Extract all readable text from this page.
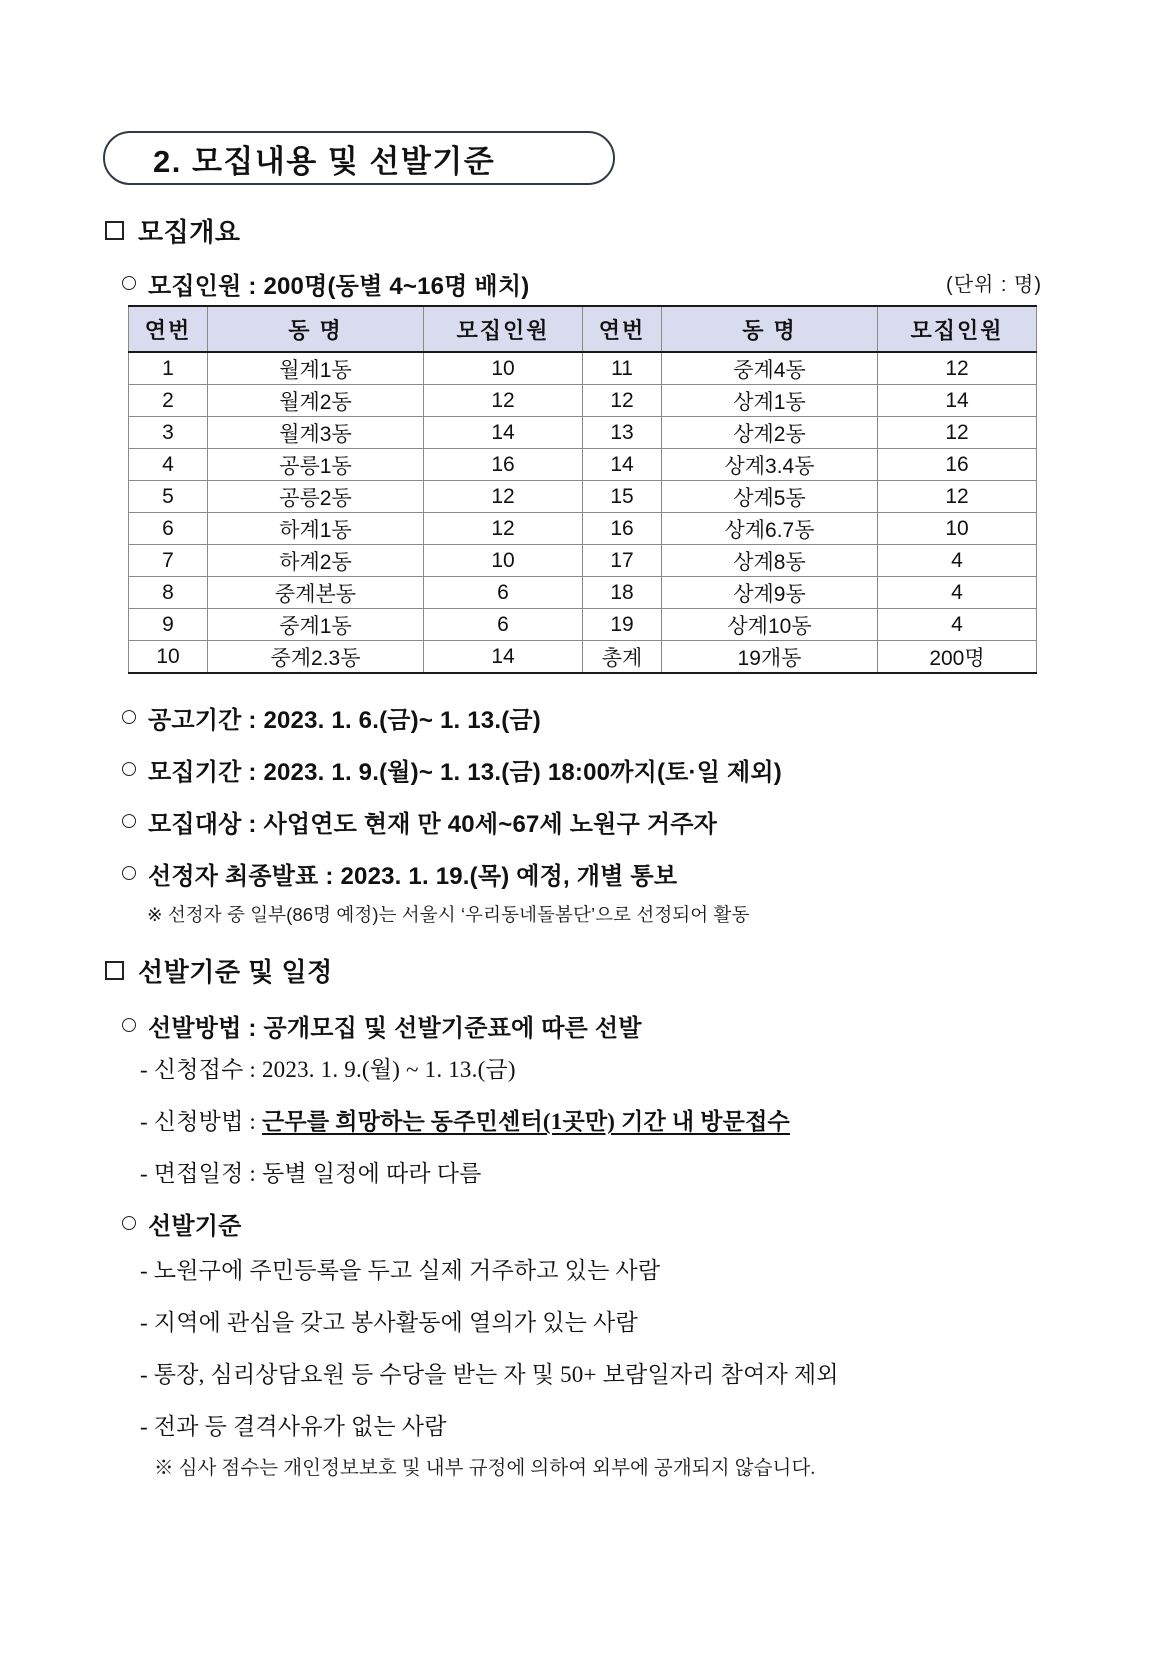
2. 모집내용 및 선발기준
모집개요
모집인원 : 200명(동별 4~16명 배치)	(단위 : 명)
연번	동 명	모집인원	연번	동 명	모집인원
1	월계1동	10	11	중계4동	12
2	월계2동	12	12	상계1동	14
3	월계3동	14	13	상계2동	12
4	공릉1동	16	14	상계3.4동	16
5	공릉2동	12	15	상계5동	12
6	하계1동	12	16	상계6.7동	10
7	하계2동	10	17	상계8동	4
8	중계본동	6	18	상계9동	4
9	중계1동	6	19	상계10동	4
10	중계2.3동	14	총계	19개동	200명
공고기간 : 2023. 1. 6.(금)~ 1. 13.(금)
모집기간 : 2023. 1. 9.(월)~ 1. 13.(금) 18:00까지(토·일 제외)
모집대상 : 사업연도 현재 만 40세~67세 노원구 거주자
선정자 최종발표 : 2023. 1. 19.(목) 예정, 개별 통보
※ 선정자 중 일부(86명 예정)는 서울시 ‘우리동네돌봄단’으로 선정되어 활동
선발기준 및 일정
선발방법 : 공개모집 및 선발기준표에 따른 선발
- 신청접수 : 2023. 1. 9.(월) ~ 1. 13.(금)
- 신청방법 : 근무를 희망하는 동주민센터(1곳만) 기간 내 방문접수
- 면접일정 : 동별 일정에 따라 다름
선발기준
- 노원구에 주민등록을 두고 실제 거주하고 있는 사람
- 지역에 관심을 갖고 봉사활동에 열의가 있는 사람
- 통장, 심리상담요원 등 수당을 받는 자 및 50+ 보람일자리 참여자 제외
- 전과 등 결격사유가 없는 사람
※ 심사 점수는 개인정보보호 및 내부 규정에 의하여 외부에 공개되지 않습니다.
